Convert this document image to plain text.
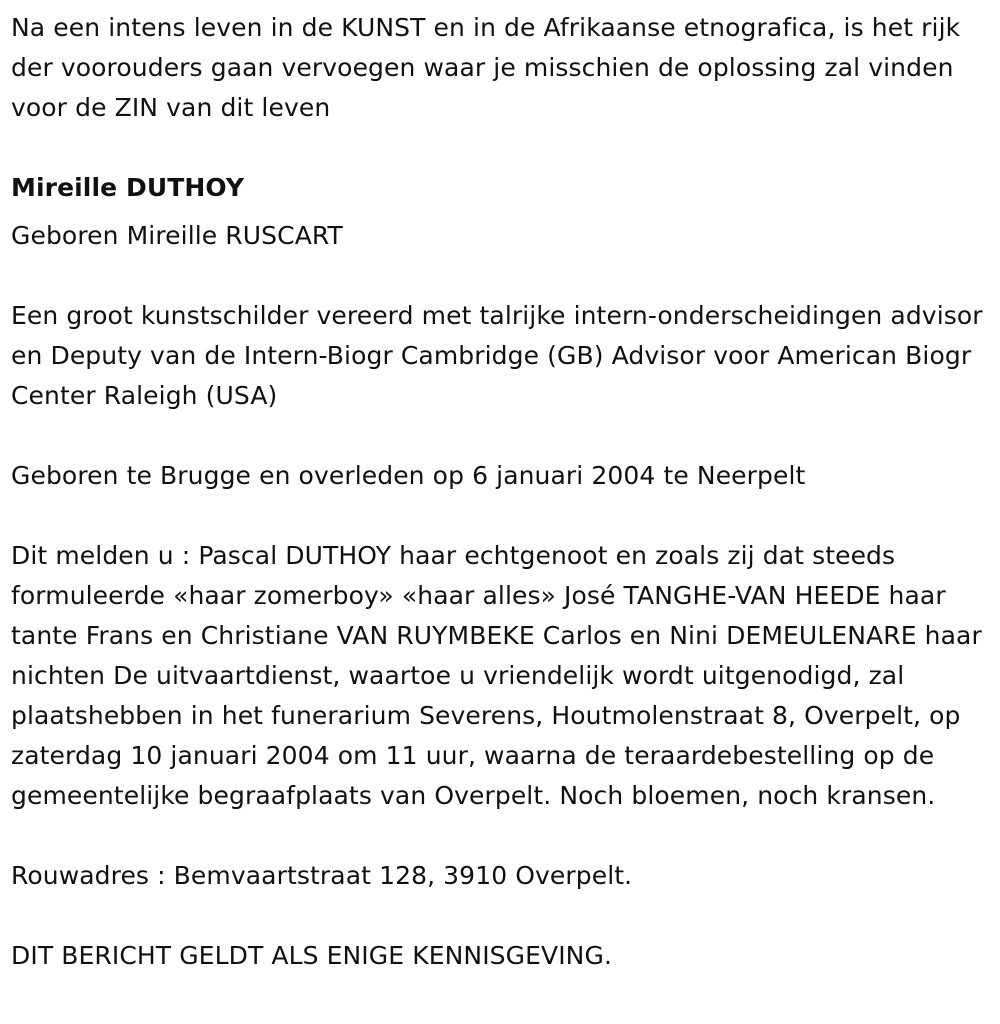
Na een intens leven in de KUNST en in de Afrikaanse etnografica, is het rijk der voorouders gaan vervoegen waar je misschien de oplossing zal vinden voor de ZIN van dit leven

Mireille DUTHOY

Geboren Mireille RUSCART

Een groot kunstschilder vereerd met talrijke intern-onderscheidingen advisor en Deputy van de Intern-Biogr Cambridge (GB) Advisor voor American Biogr Center Raleigh (USA)

Geboren te Brugge en overleden op 6 januari 2004 te Neerpelt

Dit melden u : Pascal DUTHOY haar echtgenoot en zoals zij dat steeds formuleerde «haar zomerboy» «haar alles» José TANGHE-VAN HEEDE haar tante Frans en Christiane VAN RUYMBEKE Carlos en Nini DEMEULENARE haar nichten De uitvaartdienst, waartoe u vriendelijk wordt uitgenodigd, zal plaatshebben in het funerarium Severens, Houtmolenstraat 8, Overpelt, op zaterdag 10 januari 2004 om 11 uur, waarna de teraardebestelling op de gemeentelijke begraafplaats van Overpelt. Noch bloemen, noch kransen.

Rouwadres : Bemvaartstraat 128, 3910 Overpelt.

DIT BERICHT GELDT ALS ENIGE KENNISGEVING.
